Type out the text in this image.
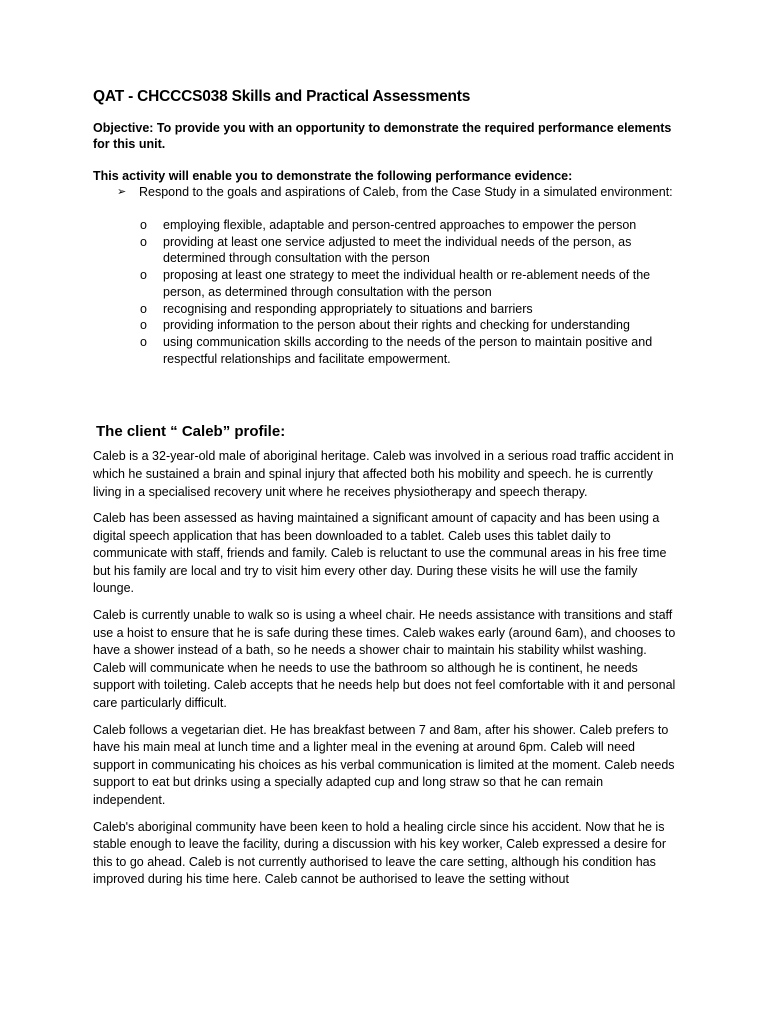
QAT - CHCCCS038 Skills and Practical Assessments

Objective: To provide you with an opportunity to demonstrate the required performance elements for this unit.

This activity will enable you to demonstrate the following performance evidence:

➢ Respond to the goals and aspirations of Caleb, from the Case Study in a simulated environment:
o employing flexible, adaptable and person-centred approaches to empower the person
o providing at least one service adjusted to meet the individual needs of the person, as determined through consultation with the person
o proposing at least one strategy to meet the individual health or re-ablement needs of the person, as determined through consultation with the person
o recognising and responding appropriately to situations and barriers
o providing information to the person about their rights and checking for understanding
o using communication skills according to the needs of the person to maintain positive and respectful relationships and facilitate empowerment.
The client “ Caleb” profile:

Caleb is a 32-year-old male of aboriginal heritage. Caleb was involved in a serious road traffic accident in which he sustained a brain and spinal injury that affected both his mobility and speech. he is currently living in a specialised recovery unit where he receives physiotherapy and speech therapy.

Caleb has been assessed as having maintained a significant amount of capacity and has been using a digital speech application that has been downloaded to a tablet. Caleb uses this tablet daily to communicate with staff, friends and family. Caleb is reluctant to use the communal areas in his free time but his family are local and try to visit him every other day. During these visits he will use the family lounge.

Caleb is currently unable to walk so is using a wheel chair. He needs assistance with transitions and staff use a hoist to ensure that he is safe during these times. Caleb wakes early (around 6am), and chooses to have a shower instead of a bath, so he needs a shower chair to maintain his stability whilst washing. Caleb will communicate when he needs to use the bathroom so although he is continent, he needs support with toileting. Caleb accepts that he needs help but does not feel comfortable with it and personal care particularly difficult.

Caleb follows a vegetarian diet. He has breakfast between 7 and 8am, after his shower. Caleb prefers to have his main meal at lunch time and a lighter meal in the evening at around 6pm. Caleb will need support in communicating his choices as his verbal communication is limited at the moment. Caleb needs support to eat but drinks using a specially adapted cup and long straw so that he can remain independent.

Caleb's aboriginal community have been keen to hold a healing circle since his accident. Now that he is stable enough to leave the facility, during a discussion with his key worker, Caleb expressed a desire for this to go ahead. Caleb is not currently authorised to leave the care setting, although his condition has improved during his time here. Caleb cannot be authorised to leave the setting without
